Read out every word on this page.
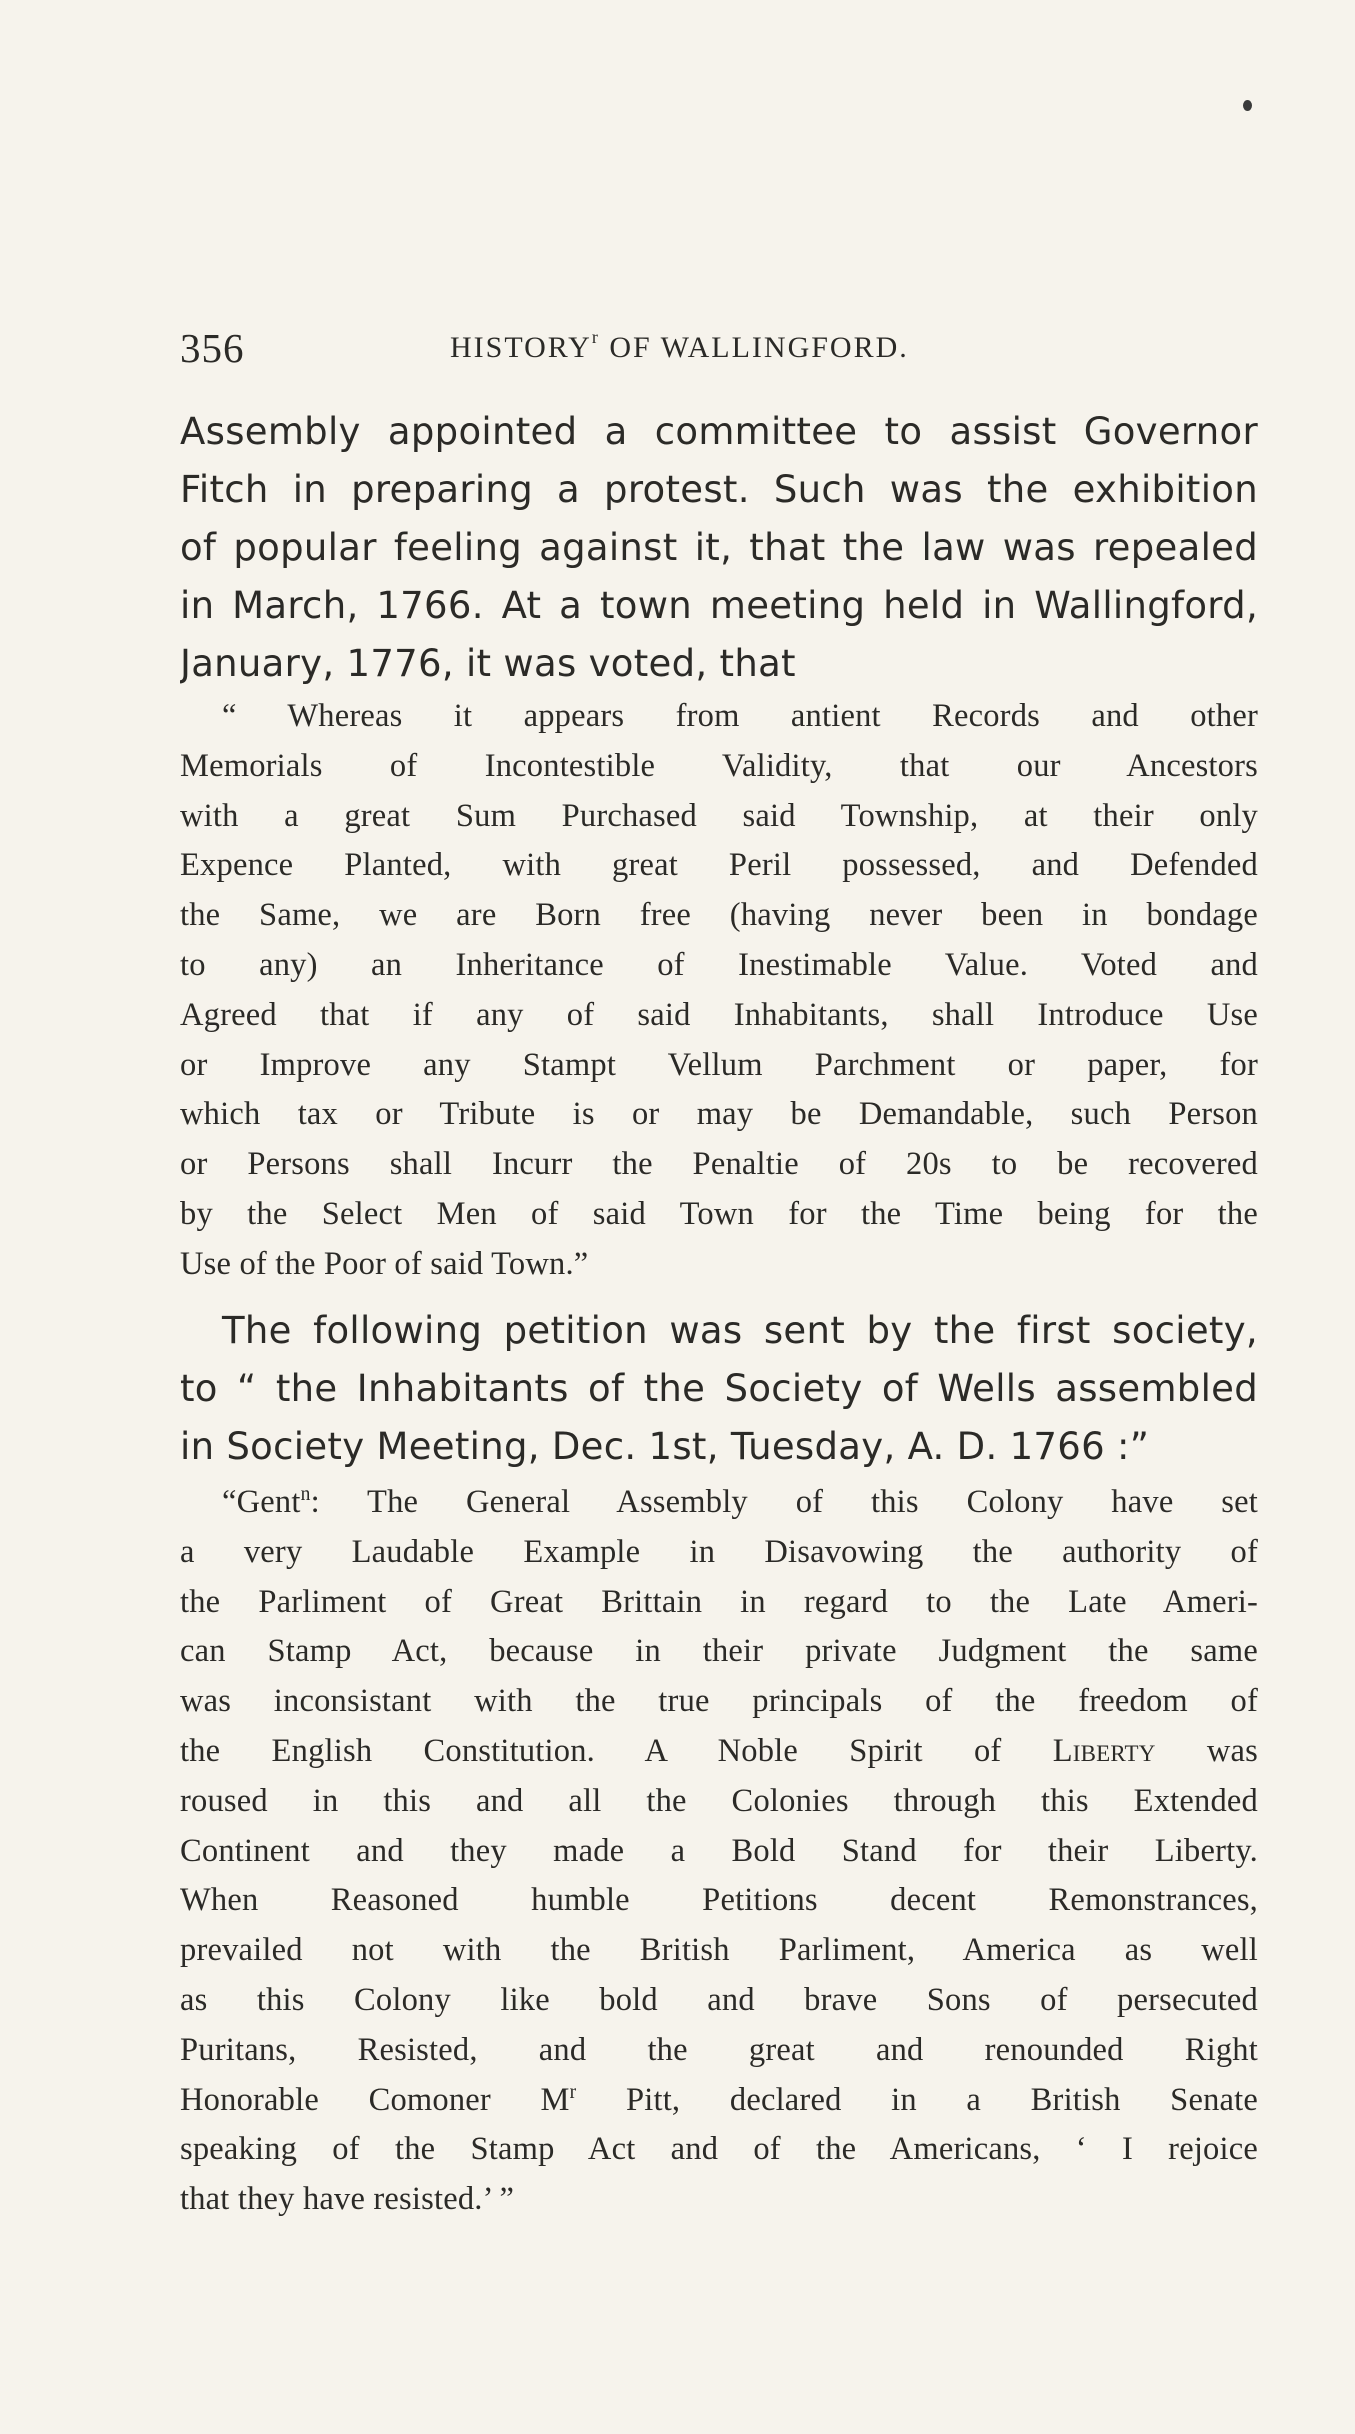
356	HISTORY$^r$ OF WALLINGFORD.
Assembly appointed a committee to assist Governor
Fitch in preparing a protest. Such was the exhibition
of popular feeling against it, that the law was repealed
in March, 1766. At a town meeting held in Wallingford,
January, 1776, it was voted, that
“ Whereas it appears from antient Records and other
Memorials of Incontestible Validity, that our Ancestors
with a great Sum Purchased said Township, at their only
Expence Planted, with great Peril possessed, and Defended
the Same, we are Born free (having never been in bondage
to any) an Inheritance of Inestimable Value. Voted and
Agreed that if any of said Inhabitants, shall Introduce Use
or Improve any Stampt Vellum Parchment or paper, for
which tax or Tribute is or may be Demandable, such Person
or Persons shall Incurr the Penaltie of 20s to be recovered
by the Select Men of said Town for the Time being for the
Use of the Poor of said Town.”
The following petition was sent by the first society,
to “ the Inhabitants of the Society of Wells assembled
in Society Meeting, Dec. 1st, Tuesday, A. D. 1766 :”
“Gent$^n$: The General Assembly of this Colony have set
a very Laudable Example in Disavowing the authority of
the Parliment of Great Brittain in regard to the Late Ameri-
can Stamp Act, because in their private Judgment the same
was inconsistant with the true principals of the freedom of
the English Constitution. A Noble Spirit of Liberty was
roused in this and all the Colonies through this Extended
Continent and they made a Bold Stand for their Liberty.
When Reasoned humble Petitions decent Remonstrances,
prevailed not with the British Parliment, America as well
as this Colony like bold and brave Sons of persecuted
Puritans, Resisted, and the great and renounded Right
Honorable Comoner $M^r$ Pitt, declared in a British Senate
speaking of the Stamp Act and of the Americans, ‘ I rejoice
that they have resisted.’ ”
